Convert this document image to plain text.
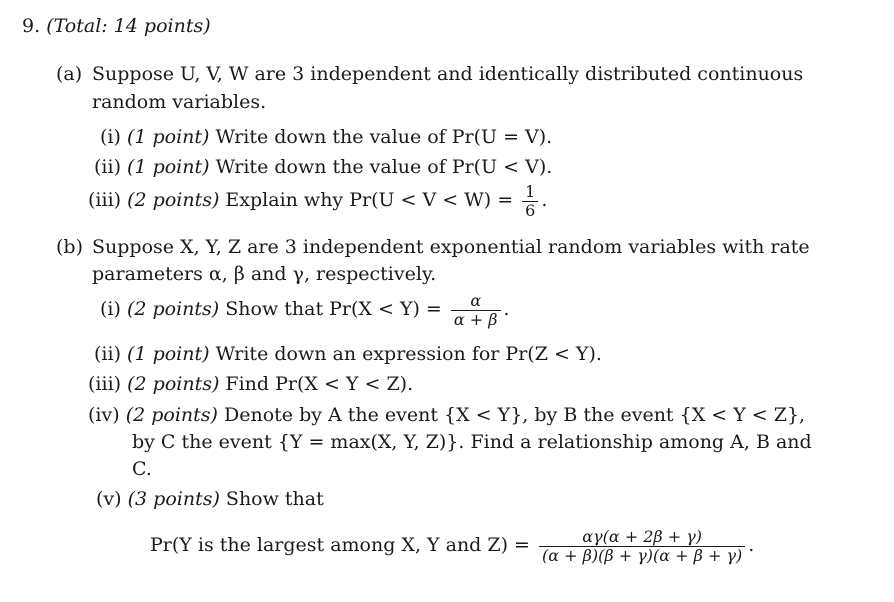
9. (Total: 14 points)
(a) Suppose U, V, W are 3 independent and identically distributed continuous
random variables.
(i) (1 point) Write down the value of Pr(U = V).
(ii) (1 point) Write down the value of Pr(U < V).
(iii) (2 points) Explain why $Pr(U < V < W) = \frac{1}{6}$ .
(b) Suppose X, Y, Z are 3 independent exponential random variables with rate
parameters α, β and γ, respectively.
(i) (2 points) Show that $Pr(X < Y) = \frac{\alpha}{\alpha + \beta}$ .
(ii) (1 point) Write down an expression for Pr(Z < Y).
(iii) (2 points) Find Pr(X < Y < Z).
(iv) (2 points) Denote by A the event {X < Y}, by B the event {X < Y < Z},
by C the event {Y = max(X, Y, Z)}. Find a relationship among A, B and
C.
(v) (3 points) Show that
Pr(Y is the largest among X, Y and $Z) = \frac{\alpha\gamma(\alpha + 2\beta + \gamma)}{(\alpha + \beta)(\beta + \gamma)(\alpha + \beta + \gamma)}$ .
